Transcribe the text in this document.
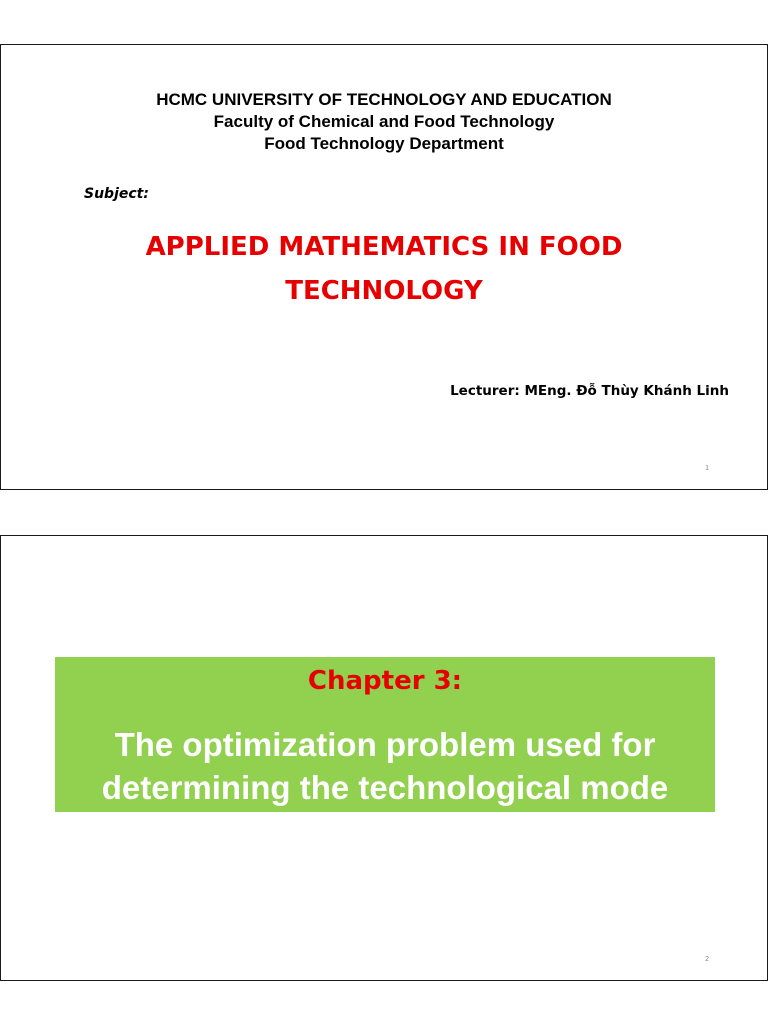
HCMC UNIVERSITY OF TECHNOLOGY AND EDUCATION

Faculty of Chemical and Food Technology

Food Technology Department

Subject:

APPLIED MATHEMATICS IN FOOD
TECHNOLOGY

Lecturer: MEng. Đỗ Thùy Khánh Linh

1

Chapter 3:

The optimization problem used for
determining the technological mode
2
